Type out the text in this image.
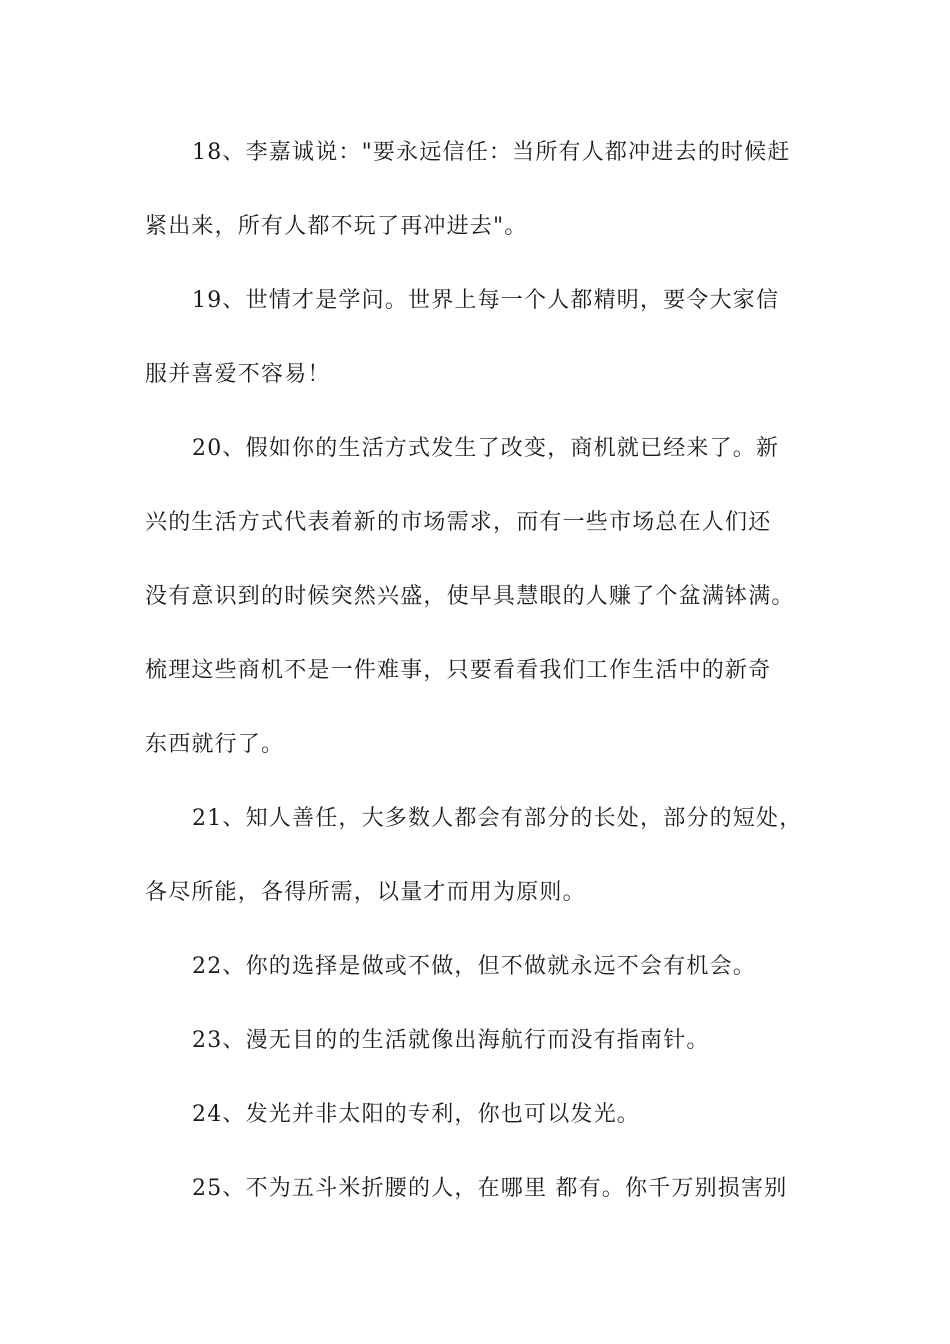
18、李嘉诚说："要永远信任：当所有人都冲进去的时候赶
紧出来，所有人都不玩了再冲进去"。
19、世情才是学问。世界上每一个人都精明，要令大家信
服并喜爱不容易！
20、假如你的生活方式发生了改变，商机就已经来了。新
兴的生活方式代表着新的市场需求，而有一些市场总在人们还
没有意识到的时候突然兴盛，使早具慧眼的人赚了个盆满钵满。
梳理这些商机不是一件难事，只要看看我们工作生活中的新奇
东西就行了。
21、知人善任，大多数人都会有部分的长处，部分的短处，
各尽所能，各得所需，以量才而用为原则。
22、你的选择是做或不做，但不做就永远不会有机会。
23、漫无目的的生活就像出海航行而没有指南针。
24、发光并非太阳的专利，你也可以发光。
25、不为五斗米折腰的人，在哪里 都有。你千万别损害别
